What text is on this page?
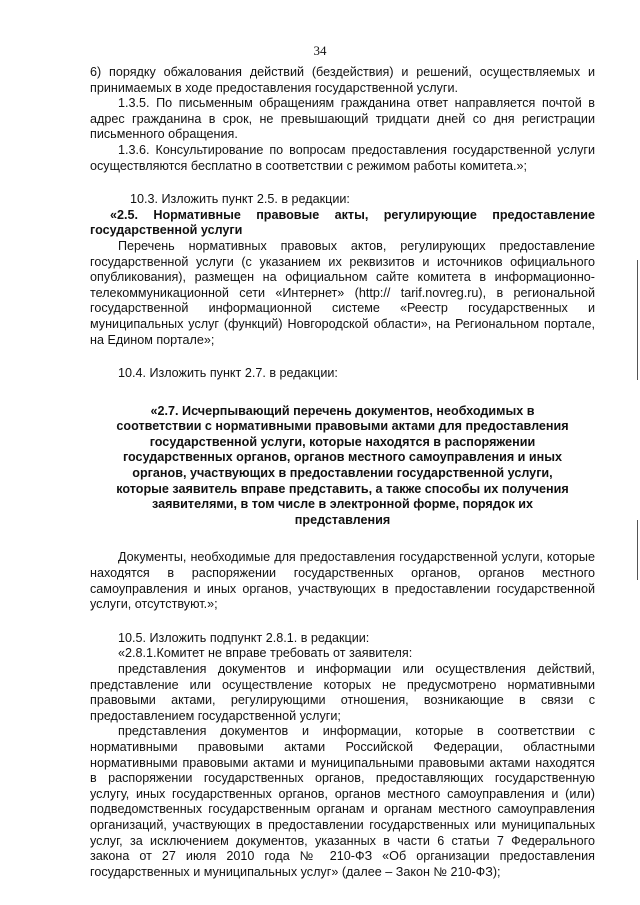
34

6) порядку обжалования действий (бездействия) и решений, осуществляемых и принимаемых в ходе предоставления государственной услуги.

1.3.5. По письменным обращениям гражданина ответ направляется почтой в адрес гражданина в срок, не превышающий тридцати дней со дня регистрации письменного обращения.

1.3.6. Консультирование по вопросам предоставления государственной услуги осуществляются бесплатно в соответствии с режимом работы комитета.»;

10.3. Изложить пункт 2.5. в редакции:

«2.5. Нормативные правовые акты, регулирующие предоставление государственной услуги

Перечень нормативных правовых актов, регулирующих предоставление государственной услуги (с указанием их реквизитов и источников официального опубликования), размещен на официальном сайте комитета в информационно-телекоммуникационной сети «Интернет» (http:// tarif.novreg.ru), в региональной государственной информационной системе «Реестр государственных и муниципальных услуг (функций) Новгородской области», на Региональном портале, на Едином портале»;

10.4. Изложить пункт 2.7. в редакции:

«2.7. Исчерпывающий перечень документов, необходимых в соответствии с нормативными правовыми актами для предоставления государственной услуги, которые находятся в распоряжении государственных органов, органов местного самоуправления и иных органов, участвующих в предоставлении государственной услуги, которые заявитель вправе представить, а также способы их получения заявителями, в том числе в электронной форме, порядок их представления

Документы, необходимые для предоставления государственной услуги, которые находятся в распоряжении государственных органов, органов местного самоуправления и иных органов, участвующих в предоставлении государственной услуги, отсутствуют.»;

10.5. Изложить подпункт 2.8.1. в редакции:

«2.8.1.Комитет не вправе требовать от заявителя:

представления документов и информации или осуществления действий, представление или осуществление которых не предусмотрено нормативными правовыми актами, регулирующими отношения, возникающие в связи с предоставлением государственной услуги;

представления документов и информации, которые в соответствии с нормативными правовыми актами Российской Федерации, областными нормативными правовыми актами и муниципальными правовыми актами находятся в распоряжении государственных органов, предоставляющих государственную услугу, иных государственных органов, органов местного самоуправления и (или) подведомственных государственным органам и органам местного самоуправления организаций, участвующих в предоставлении государственных или муниципальных услуг, за исключением документов, указанных в части 6 статьи 7 Федерального закона от 27 июля 2010 года № 210-ФЗ «Об организации предоставления государственных и муниципальных услуг» (далее – Закон № 210-ФЗ);
